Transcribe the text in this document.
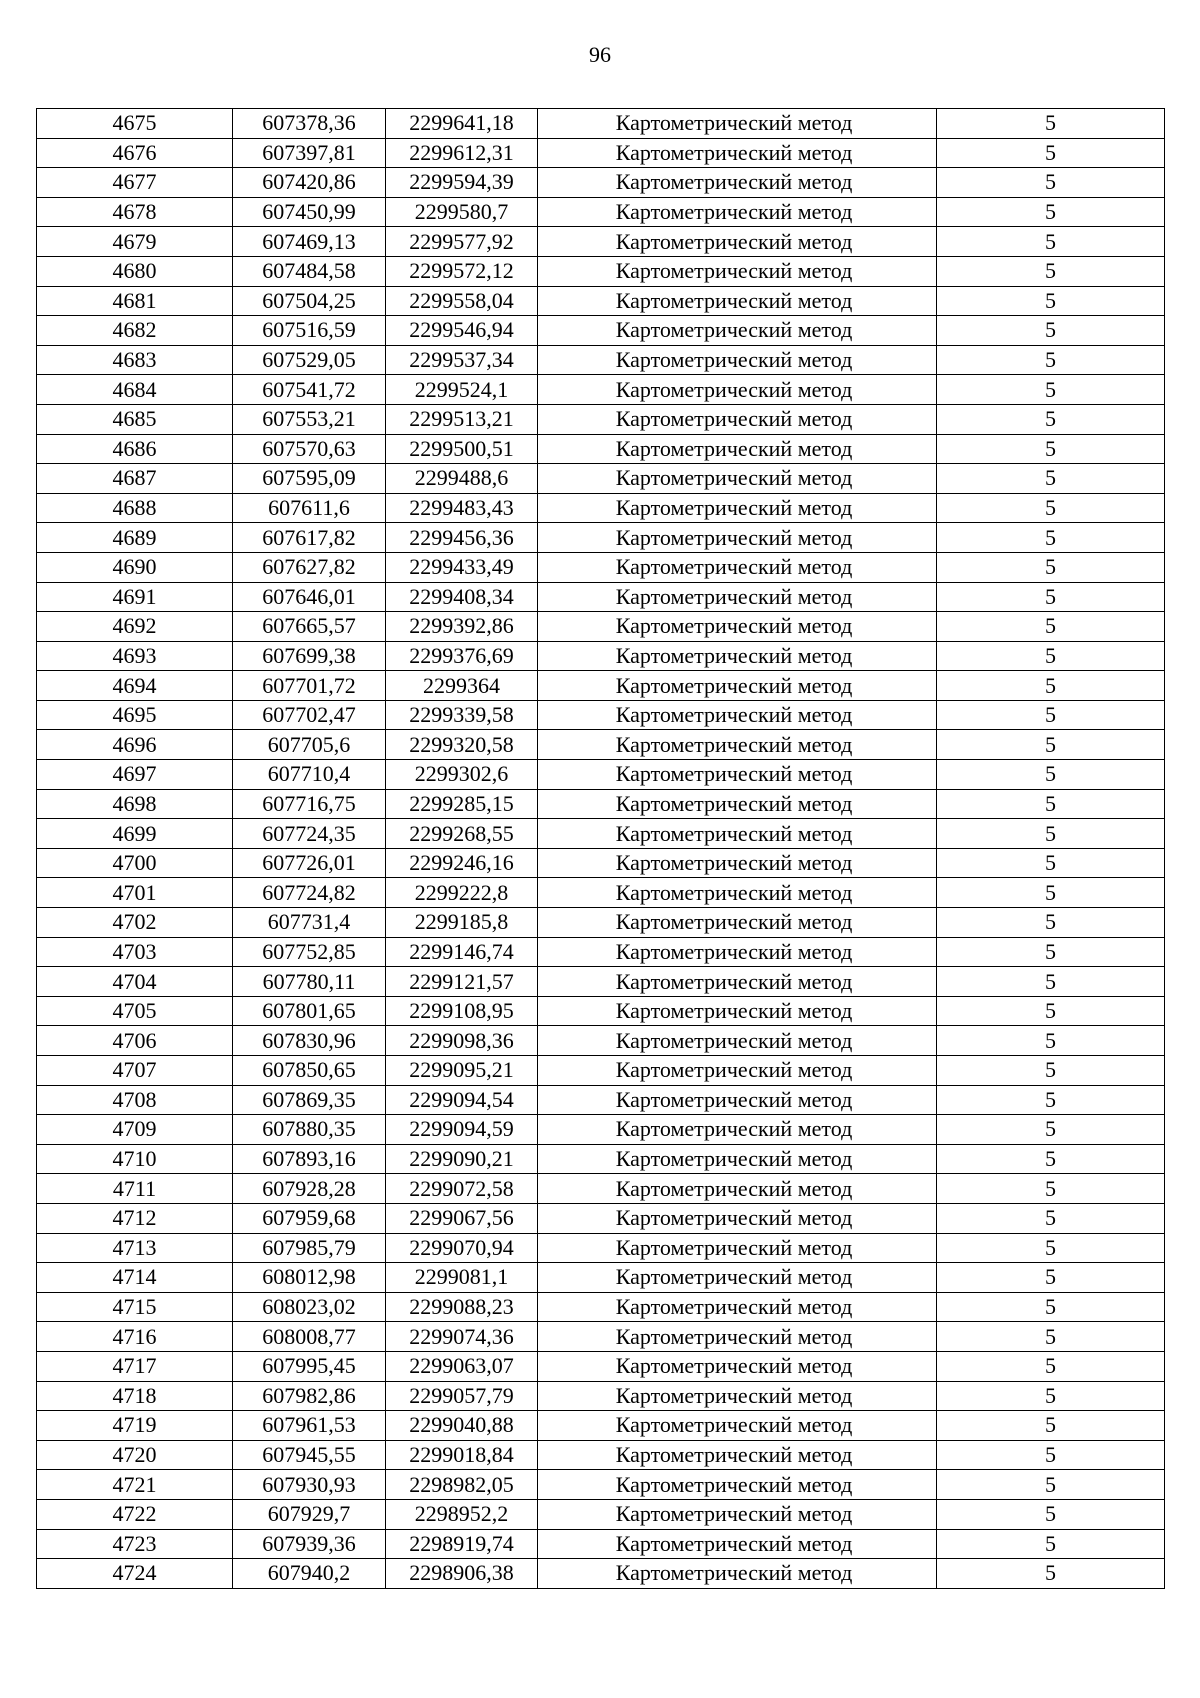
96
4675	607378,36	2299641,18	Картометрический метод	5
4676	607397,81	2299612,31	Картометрический метод	5
4677	607420,86	2299594,39	Картометрический метод	5
4678	607450,99	2299580,7	Картометрический метод	5
4679	607469,13	2299577,92	Картометрический метод	5
4680	607484,58	2299572,12	Картометрический метод	5
4681	607504,25	2299558,04	Картометрический метод	5
4682	607516,59	2299546,94	Картометрический метод	5
4683	607529,05	2299537,34	Картометрический метод	5
4684	607541,72	2299524,1	Картометрический метод	5
4685	607553,21	2299513,21	Картометрический метод	5
4686	607570,63	2299500,51	Картометрический метод	5
4687	607595,09	2299488,6	Картометрический метод	5
4688	607611,6	2299483,43	Картометрический метод	5
4689	607617,82	2299456,36	Картометрический метод	5
4690	607627,82	2299433,49	Картометрический метод	5
4691	607646,01	2299408,34	Картометрический метод	5
4692	607665,57	2299392,86	Картометрический метод	5
4693	607699,38	2299376,69	Картометрический метод	5
4694	607701,72	2299364	Картометрический метод	5
4695	607702,47	2299339,58	Картометрический метод	5
4696	607705,6	2299320,58	Картометрический метод	5
4697	607710,4	2299302,6	Картометрический метод	5
4698	607716,75	2299285,15	Картометрический метод	5
4699	607724,35	2299268,55	Картометрический метод	5
4700	607726,01	2299246,16	Картометрический метод	5
4701	607724,82	2299222,8	Картометрический метод	5
4702	607731,4	2299185,8	Картометрический метод	5
4703	607752,85	2299146,74	Картометрический метод	5
4704	607780,11	2299121,57	Картометрический метод	5
4705	607801,65	2299108,95	Картометрический метод	5
4706	607830,96	2299098,36	Картометрический метод	5
4707	607850,65	2299095,21	Картометрический метод	5
4708	607869,35	2299094,54	Картометрический метод	5
4709	607880,35	2299094,59	Картометрический метод	5
4710	607893,16	2299090,21	Картометрический метод	5
4711	607928,28	2299072,58	Картометрический метод	5
4712	607959,68	2299067,56	Картометрический метод	5
4713	607985,79	2299070,94	Картометрический метод	5
4714	608012,98	2299081,1	Картометрический метод	5
4715	608023,02	2299088,23	Картометрический метод	5
4716	608008,77	2299074,36	Картометрический метод	5
4717	607995,45	2299063,07	Картометрический метод	5
4718	607982,86	2299057,79	Картометрический метод	5
4719	607961,53	2299040,88	Картометрический метод	5
4720	607945,55	2299018,84	Картометрический метод	5
4721	607930,93	2298982,05	Картометрический метод	5
4722	607929,7	2298952,2	Картометрический метод	5
4723	607939,36	2298919,74	Картометрический метод	5
4724	607940,2	2298906,38	Картометрический метод	5
